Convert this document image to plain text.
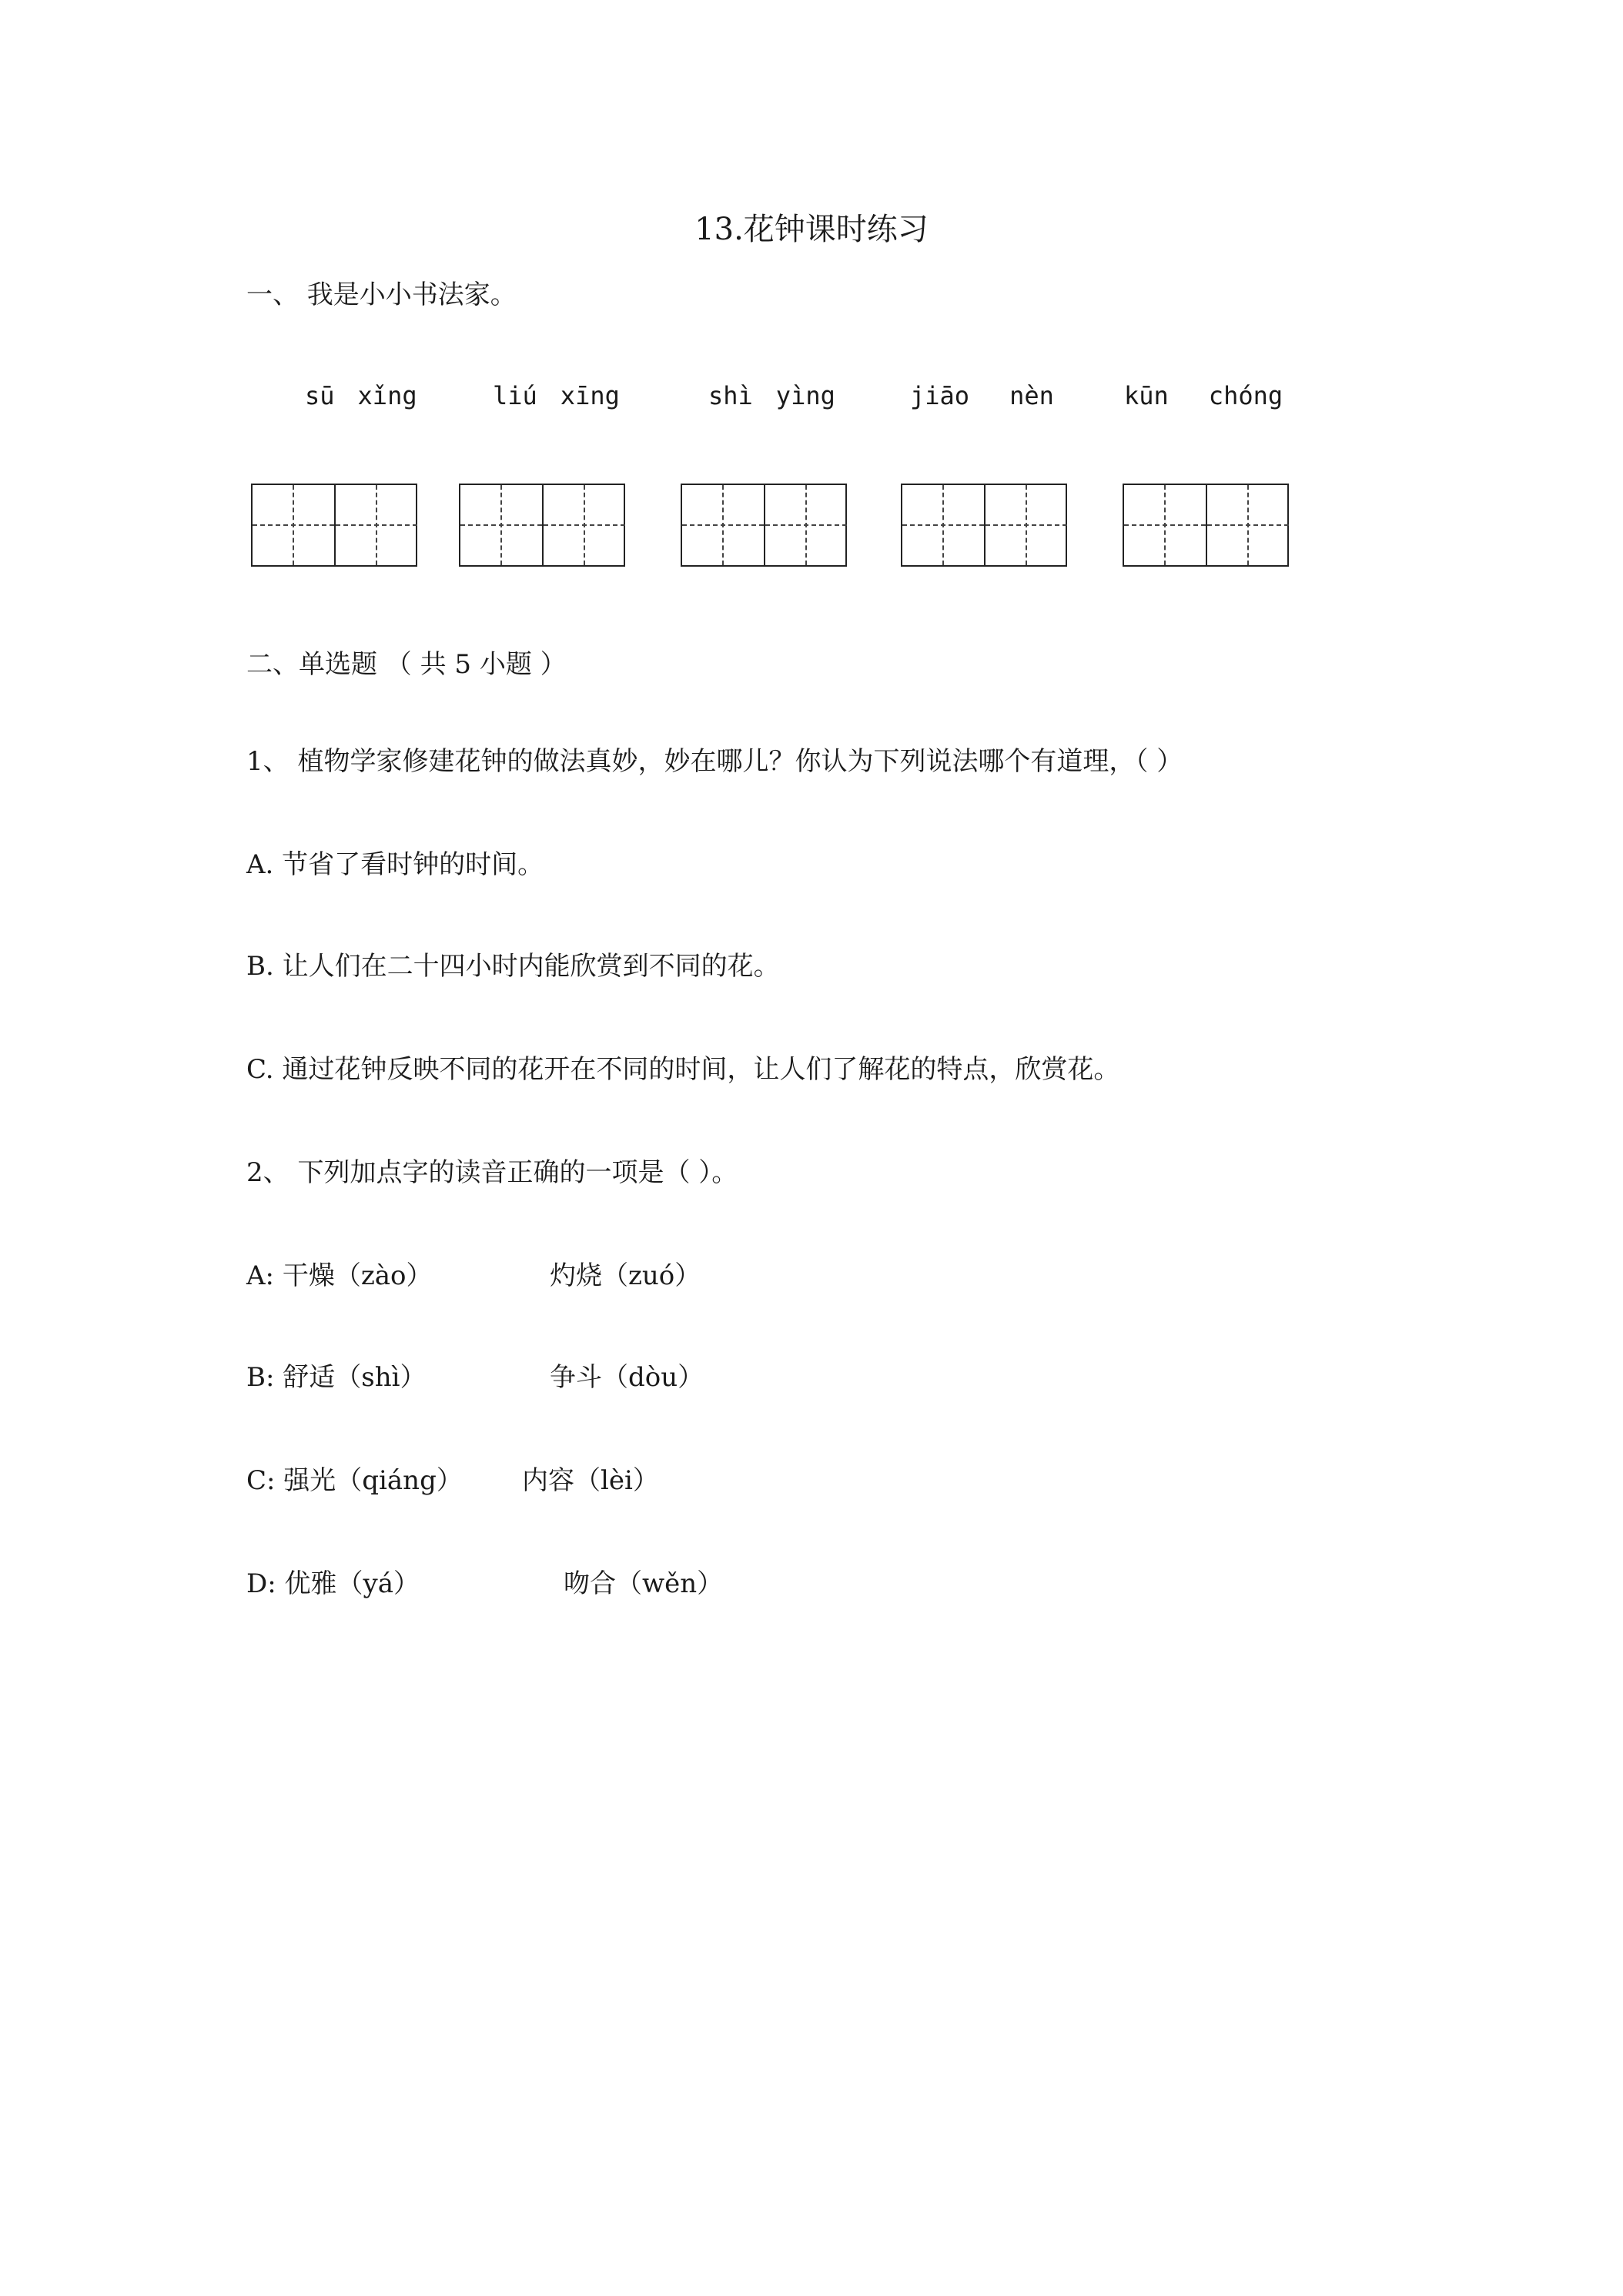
13.花钟课时练习
一、 我是小小书法家。
sū xǐng	liú xīng	shì yìng	jiāo nèn	kūn chóng
二、单选题 （ 共 5 小题 ）
1、 植物学家修建花钟的做法真妙，妙在哪儿？你认为下列说法哪个有道理，（ ）
A. 节省了看时钟的时间。
B. 让人们在二十四小时内能欣赏到不同的花。
C. 通过花钟反映不同的花开在不同的时间，让人们了解花的特点，欣赏花。
2、 下列加点字的读音正确的一项是（ ）。
A: 干燥（zào）	灼烧（zuó）
B: 舒适（shì）	争斗（dòu）
C: 强光（qiáng） 内容（lèi）
D: 优雅（yá）	吻合（wěn）
